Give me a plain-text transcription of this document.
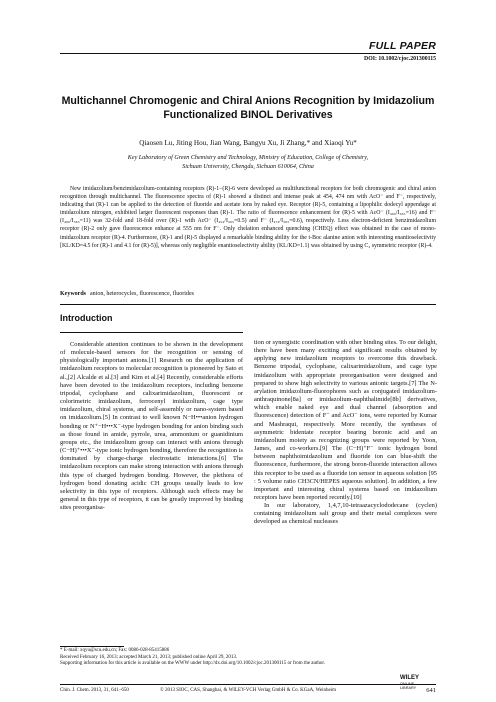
FULL PAPER
DOI: 10.1002/cjoc.201300115
Multichannel Chromogenic and Chiral Anions Recognition by Imidazolium Functionalized BINOL Derivatives
Qiaosen Lu, Jiting Hou, Jian Wang, Bangyu Xu, Ji Zhang,* and Xiaoqi Yu*
Key Laboratory of Green Chemistry and Technology, Ministry of Education, College of Chemistry,
Sichuan University, Chengdu, Sichuan 610064, China

New imidazolium/benzimidazolium-containing receptors (R)-1−(R)-6 were developed as multifunctional receptors for both chromogenic and chiral anion recognition through multichannel. The fluorescence spectra of (R)-1 showed a distinct and intense peak at 454, 474 nm with AcO⁻ and F⁻, respectively, indicating that (R)-1 can be applied to the detection of fluoride and acetate ions by naked eye. Receptor (R)-5, containing a lipophilic dodecyl appendage at imidazolium nitrogen, exhibited larger fluorescent responses than (R)-1. The ratio of fluorescence enhancement for (R)-5 with AcO⁻ (I₄₆₀/I₃₆₅=16) and F⁻ (I₄₈₀/I₃₆₅=11) was 32-fold and 18-fold over (R)-1 with AcO⁻ (I₄₅₄/I₃₆₅=0.5) and F⁻ (I₄₇₄/I₃₆₅=0.6), respectively. Less electron-deficient benzimidazolium receptor (R)-2 only gave fluorescence enhance at 555 nm for F⁻. Only chelation enhanced quenching (CHEQ) effect was obtained in the case of mono-imidazolium receptor (R)-4. Furthermore, (R)-1 and (R)-5 displayed a remarkable binding ability for the t-Boc alanine anion with interesting enantioselectivity [KL/KD=4.5 for (R)-1 and 4.1 for (R)-5)], whereas only negligible enantioselectivity ability (KL/KD=1.1) was obtained by using C₃ symmetric receptor (R)-4.

Keywords anion, heterocycles, fluorescence, fluorides
Introduction

Considerable attention continues to be shown in the development of molecule-based sensors for the recognition or sensing of physiologically important anions.[1] Research on the application of imidazolium receptors to molecular recognition is pioneered by Sato et al.,[2] Alcalde et al.[3] and Kim et al.[4] Recently, considerable efforts have been devoted to the imidazolium receptors, including benzene tripodal, cyclophane and calixarimidazolium, fluorescent or colorimetric imidazolium, ferrocenyl imidazolium, cage type imidazolium, chiral systems, and self-assembly or nano-system based on imidazolium.[5] In contrast to well known N−H•••anion hydrogen bonding or N⁺−H•••X⁻-type hydrogen bonding for anion binding such as those found in amide, pyrrole, urea, ammonium or guanidinium groups etc., the imidazolium group can interact with anions through (C−H)⁺•••X⁻-type ionic hydrogen bonding, therefore the recognition is dominated by charge-charge electrostatic interactions.[6] The imidazolium receptors can make strong interaction with anions through this type of charged hydrogen bonding. However, the plethora of hydrogen bond donating acidic CH groups usually leads to low selectivity in this type of receptors. Although such effects may be general in this type of receptors, it can be greatly improved by binding sites preorganisa-

tion or synergistic coordination with other binding sites. To our delight, there have been many exciting and significant results obtained by applying new imidazolium receptors to overcome this drawback. Benzene tripodal, cyclophane, calixarimidazolium, and cage type imidazolium with appropriate preorganisation were designed and prepared to show high selectivity to various anionic targets.[7] The N-arylation imidazolium-fluorophores such as conjugated imidazolium-anthraquinone[8a] or imidazolium-naphthalimide[8b] derivatives, which enable naked eye and dual channel (absorption and fluorescence) detection of F⁻ and AcO⁻ ions, were reported by Kumar and Mashraqui, respectively. More recently, the syntheses of asymmetric bidentate receptor bearing boronic acid and an imidazolium moiety as recognizing groups were reported by Yoon, James, and co-workers.[9] The (C−H)⁺F⁻ ionic hydrogen bond between naphthoimidazolium and fluoride ion can blue-shift the fluorescence, furthermore, the strong boron-fluoride interaction allows this receptor to be used as a fluoride ion sensor in aqueous solution [95 : 5 volume ratio CH3CN/HEPES aqueous solution]. In addition, a few important and interesting chiral systems based on imidazolium receptors have been reported recently.[10]

In our laboratory, 1,4,7,10-tetraazacyclododecane (cyclen) containing imidazolium salt group and their metal complexes were developed as chemical nucleases

* E-mail: xqyu@scu.edu.cn; Fax: 0086-028-85415886
Received February 16, 2013; accepted March 21, 2013; published online April 29, 2013.
Supporting information for this article is available on the WWW under http://dx.doi.org/10.1002/cjoc.201300115 or from the author.
WILEY
ONLINE LIBRARY
Chin. J. Chem. 2013, 31, 641−650	© 2013 SIOC, CAS, Shanghai, & WILEY-VCH Verlag GmbH & Co. KGaA, Weinheim	641
